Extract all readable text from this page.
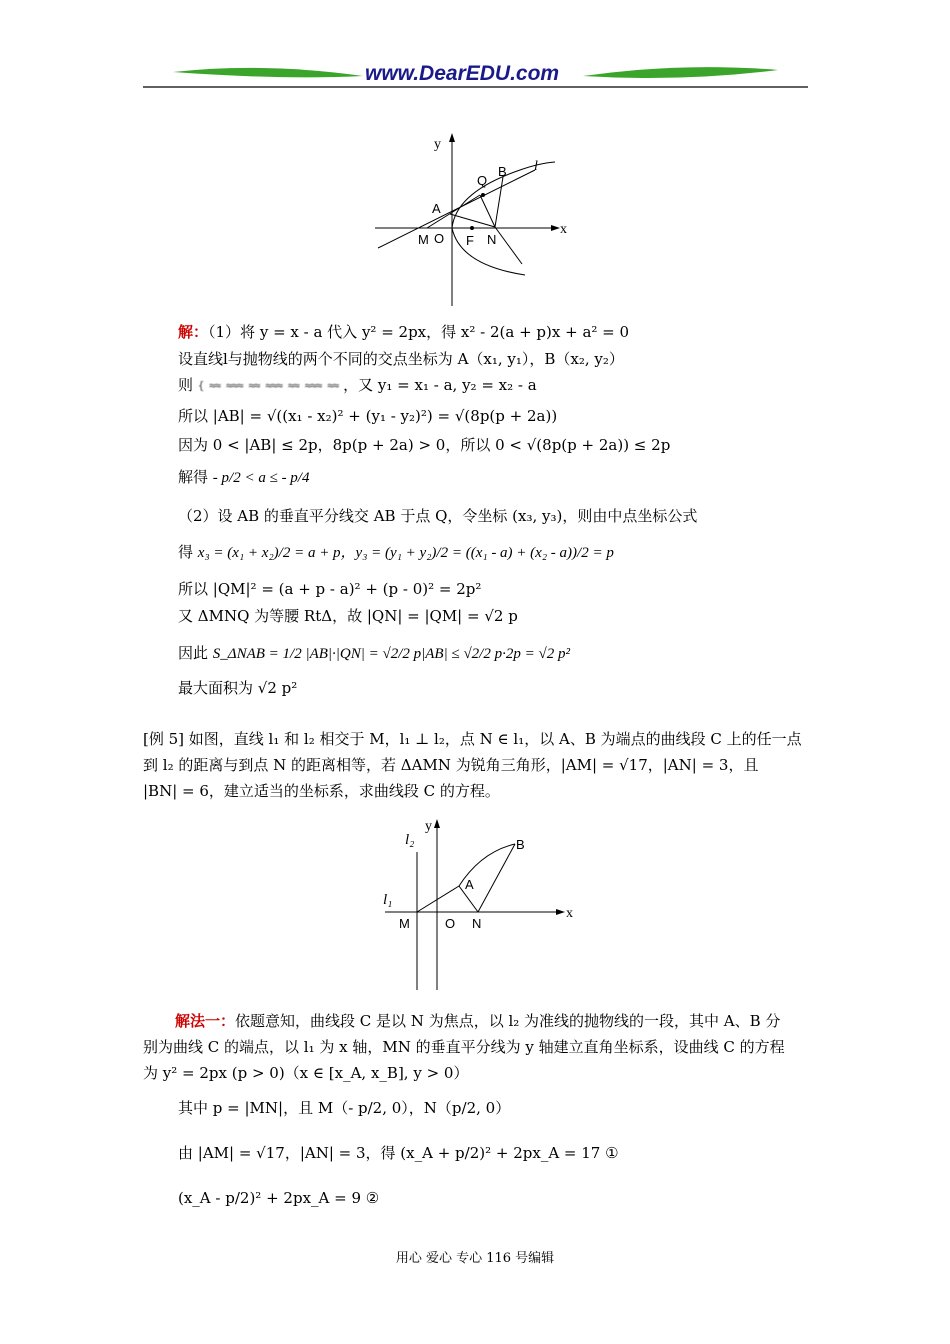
www.DearEDU.com
y
x
l
Q
B
A
M O F N
解：（1）将 y = x - a 代入 y² = 2px，得 x² - 2(a + p)x + a² = 0
设直线l与抛物线的两个不同的交点坐标为 A（x₁, y₁），B（x₂, y₂）
则 { ≈≈ ≈≈≈ ≈≈ ≈≈≈ ≈≈ ≈≈≈ ≈≈ ，又 y₁ = x₁ - a, y₂ = x₂ - a
所以 |AB| = √((x₁ - x₂)² + (y₁ - y₂)²) = √(8p(p + 2a))
因为 0 < |AB| ≤ 2p，8p(p + 2a) > 0，所以 0 < √(8p(p + 2a)) ≤ 2p
解得 - p/2 < a ≤ - p/4
（2）设 AB 的垂直平分线交 AB 于点 Q，令坐标 (x₃, y₃)，则由中点坐标公式
得 x₃ = (x₁ + x₂)/2 = a + p，y₃ = (y₁ + y₂)/2 = ((x₁ - a) + (x₂ - a))/2 = p
所以 |QM|² = (a + p - a)² + (p - 0)² = 2p²
又 ΔMNQ 为等腰 RtΔ，故 |QN| = |QM| = √2 p
因此 S_ΔNAB = 1/2 |AB|·|QN| = √2/2 p|AB| ≤ √2/2 p·2p = √2 p²
最大面积为 √2 p²
[例 5] 如图，直线 l₁ 和 l₂ 相交于 M，l₁ ⊥ l₂，点 N ∈ l₁，以 A、B 为端点的曲线段 C 上的任一点
到 l₂ 的距离与到点 N 的距离相等，若 ΔAMN 为锐角三角形，|AM| = √17，|AN| = 3，且
|BN| = 6，建立适当的坐标系，求曲线段 C 的方程。
l₂
y
B
A
l₁
x
M	O N
解法一：依题意知，曲线段 C 是以 N 为焦点，以 l₂ 为准线的抛物线的一段，其中 A、B 分
别为曲线 C 的端点，以 l₁ 为 x 轴，MN 的垂直平分线为 y 轴建立直角坐标系，设曲线 C 的方程
为 y² = 2px (p > 0)（x ∈ [x_A, x_B], y > 0）
其中 p = |MN|，且 M（- p/2, 0），N（p/2, 0）
由 |AM| = √17，|AN| = 3，得 (x_A + p/2)² + 2px_A = 17 ①
(x_A - p/2)² + 2px_A = 9 ②
用心 爱心 专心 116 号编辑
